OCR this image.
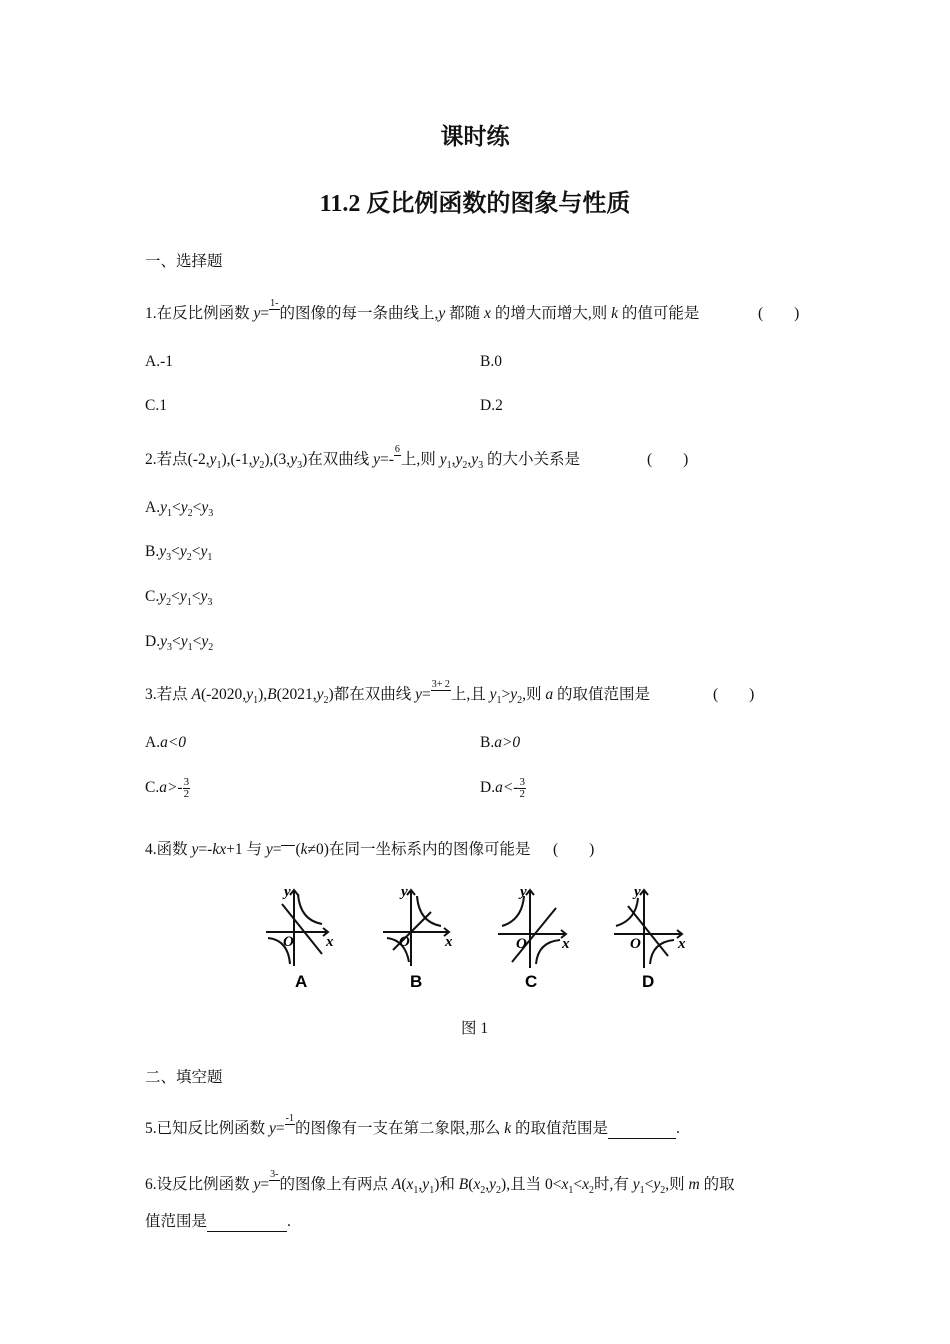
课时练
11.2 反比例函数的图象与性质
一、选择题
1.在反比例函数 y=
1-
的图像的每一条曲线上,y 都随 x 的增大而增大,则 k 的值可能是	(　　)
A.-1	B.0
C.1	D.2
2.若点$(-2,y_1),(-1,y_2),(3,y_3)$在双曲线 y=-
6
上,则 $y_1,y_2,y_3$ 的大小关系是	(　　)
$A.y_1<y_2<y_3$
$B.y_3<y_2<y_1$
$C.y_2<y_1<y_3$
$D.y_3<y_1<y_2$
3.若点 $A(-2020,y_1),B(2021,y_2)$都在双曲线 y=
3+ 2
上,且 $y_1>y_2$,则 a 的取值范围是	(　　)
A.a<0	B.a>0
$C.a>- \frac{3}{2}$	$D.a<- \frac{3}{2}$
4.函数 y=-kx+1 与 y=
(k≠0)在同一坐标系内的图像可能是 (　　)
y
x
O
A
y
x
O
B
y
x
O
C
y
x
O
D
图 1
二、填空题
5.已知反比例函数 y=
-1
的图像有一支在第二象限,那么 k 的取值范围是	.
6.设反比例函数 y=
3-
的图像上有两点 $A(x_1,y_1)$和 $B(x_2,y_2)$,且当 $0<x_1<x_2$时,有 $y_1<y_2$,则 m 的取
值范围是	.
